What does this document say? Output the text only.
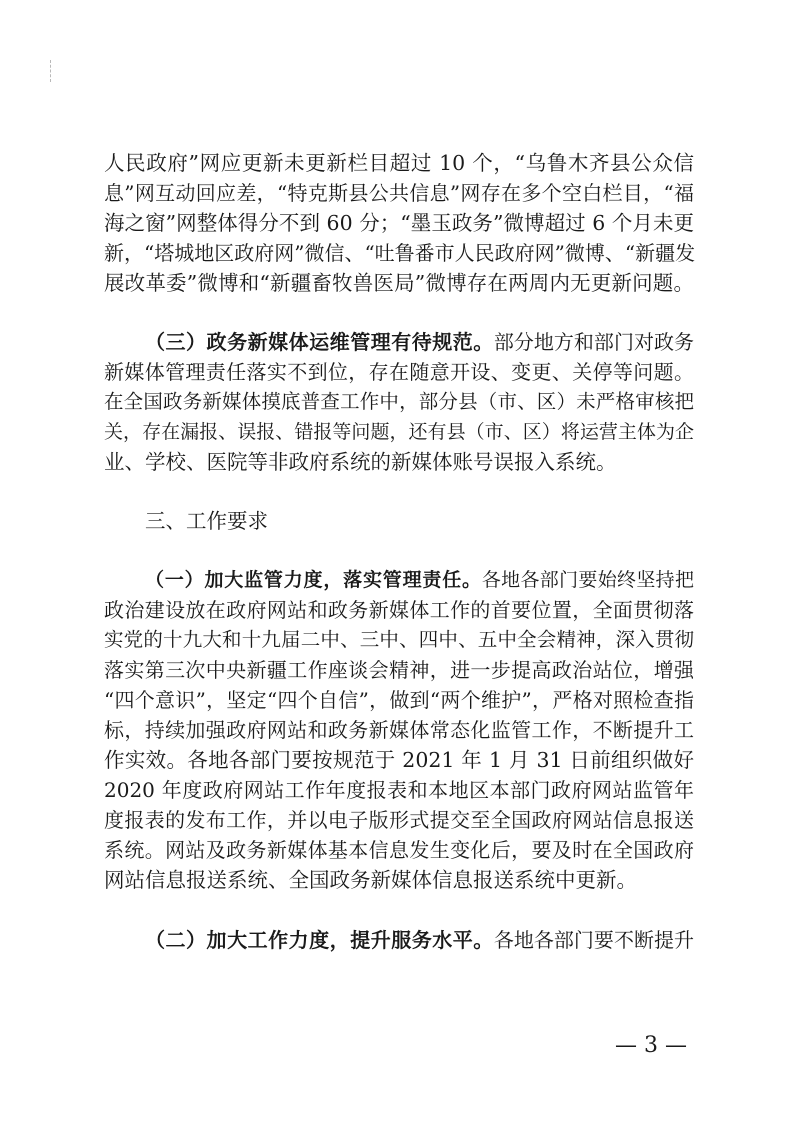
人民政府”网应更新未更新栏目超过 10 个，“乌鲁木齐县公众信
息”网互动回应差，“特克斯县公共信息”网存在多个空白栏目，“福
海之窗”网整体得分不到 60 分；“墨玉政务”微博超过 6 个月未更
新，“塔城地区政府网”微信、“吐鲁番市人民政府网”微博、“新疆发
展改革委”微博和“新疆畜牧兽医局”微博存在两周内无更新问题。
（三）政务新媒体运维管理有待规范。部分地方和部门对政务
新媒体管理责任落实不到位，存在随意开设、变更、关停等问题。
在全国政务新媒体摸底普查工作中，部分县（市、区）未严格审核把
关，存在漏报、误报、错报等问题，还有县（市、区）将运营主体为企
业、学校、医院等非政府系统的新媒体账号误报入系统。
三、工作要求
（一）加大监管力度，落实管理责任。各地各部门要始终坚持把
政治建设放在政府网站和政务新媒体工作的首要位置，全面贯彻落
实党的十九大和十九届二中、三中、四中、五中全会精神，深入贯彻
落实第三次中央新疆工作座谈会精神，进一步提高政治站位，增强
“四个意识”，坚定“四个自信”，做到“两个维护”，严格对照检查指
标，持续加强政府网站和政务新媒体常态化监管工作，不断提升工
作实效。各地各部门要按规范于 2021 年 1 月 31 日前组织做好
2020 年度政府网站工作年度报表和本地区本部门政府网站监管年
度报表的发布工作，并以电子版形式提交至全国政府网站信息报送
系统。网站及政务新媒体基本信息发生变化后，要及时在全国政府
网站信息报送系统、全国政务新媒体信息报送系统中更新。
（二）加大工作力度，提升服务水平。各地各部门要不断提升
— 3 —
